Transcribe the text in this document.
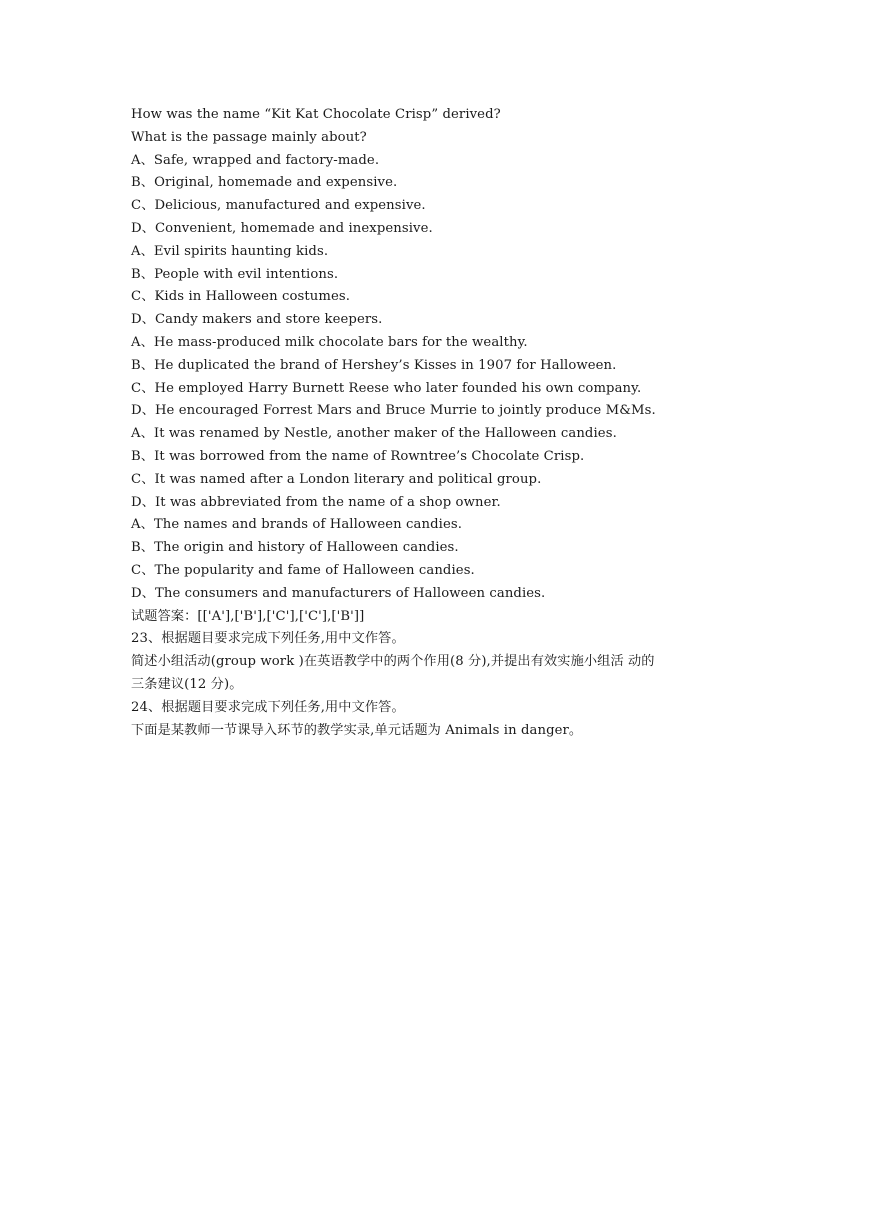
How was the name “Kit Kat Chocolate Crisp” derived?
What is the passage mainly about?
A、Safe, wrapped and factory-made.
B、Original, homemade and expensive.
C、Delicious, manufactured and expensive.
D、Convenient, homemade and inexpensive.
A、Evil spirits haunting kids.
B、People with evil intentions.
C、Kids in Halloween costumes.
D、Candy makers and store keepers.
A、He mass-produced milk chocolate bars for the wealthy.
B、He duplicated the brand of Hershey’s Kisses in 1907 for Halloween.
C、He employed Harry Burnett Reese who later founded his own company.
D、He encouraged Forrest Mars and Bruce Murrie to jointly produce M&Ms.
A、It was renamed by Nestle, another maker of the Halloween candies.
B、It was borrowed from the name of Rowntree’s Chocolate Crisp.
C、It was named after a London literary and political group.
D、It was abbreviated from the name of a shop owner.
A、The names and brands of Halloween candies.
B、The origin and history of Halloween candies.
C、The popularity and fame of Halloween candies.
D、The consumers and manufacturers of Halloween candies.
试题答案：[['A'],['B'],['C'],['C'],['B']]
23、根据题目要求完成下列任务,用中文作答。
简述小组活动(group work )在英语教学中的两个作用(8 分),并提出有效实施小组活 动的
三条建议(12 分)。
24、根据题目要求完成下列任务,用中文作答。
下面是某教师一节课导入环节的教学实录,单元话题为 Animals in danger。
